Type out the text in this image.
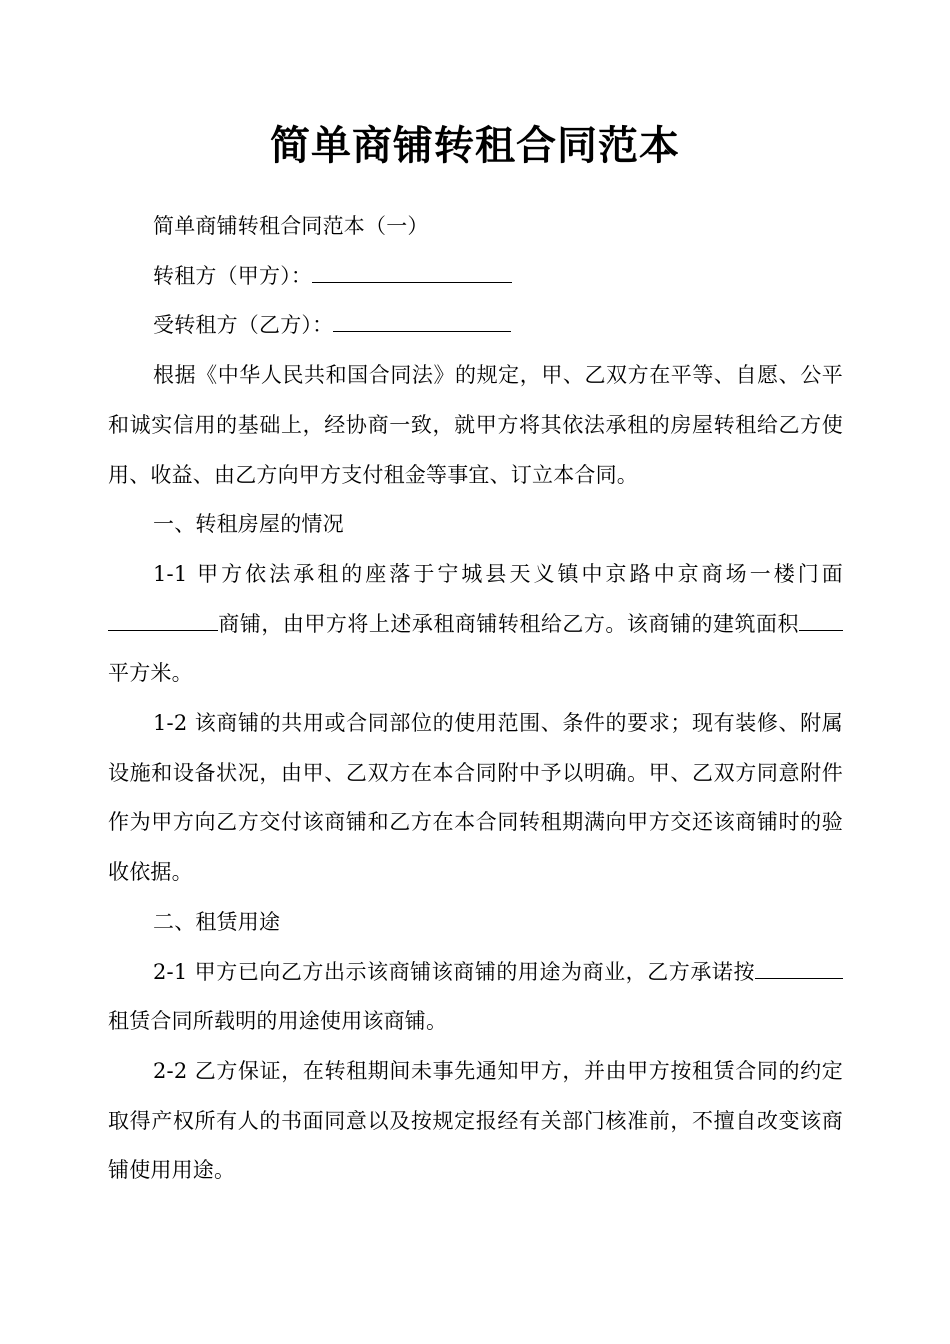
简单商铺转租合同范本

简单商铺转租合同范本（一）

转租方（甲方）：

受转租方（乙方）：

根据《中华人民共和国合同法》的规定，甲、乙双方在平等、自愿、公平和诚实信用的基础上，经协商一致，就甲方将其依法承租的房屋转租给乙方使用、收益、由乙方向甲方支付租金等事宜、订立本合同。

一、转租房屋的情况

1-1 甲方依法承租的座落于宁城县天义镇中京路中京商场一楼门面商铺，由甲方将上述承租商铺转租给乙方。该商铺的建筑面积平方米。

1-2 该商铺的共用或合同部位的使用范围、条件的要求；现有装修、附属设施和设备状况，由甲、乙双方在本合同附中予以明确。甲、乙双方同意附件作为甲方向乙方交付该商铺和乙方在本合同转租期满向甲方交还该商铺时的验收依据。

二、租赁用途

2-1 甲方已向乙方出示该商铺该商铺的用途为商业，乙方承诺按租赁合同所载明的用途使用该商铺。

2-2 乙方保证，在转租期间未事先通知甲方，并由甲方按租赁合同的约定取得产权所有人的书面同意以及按规定报经有关部门核准前，不擅自改变该商铺使用用途。
